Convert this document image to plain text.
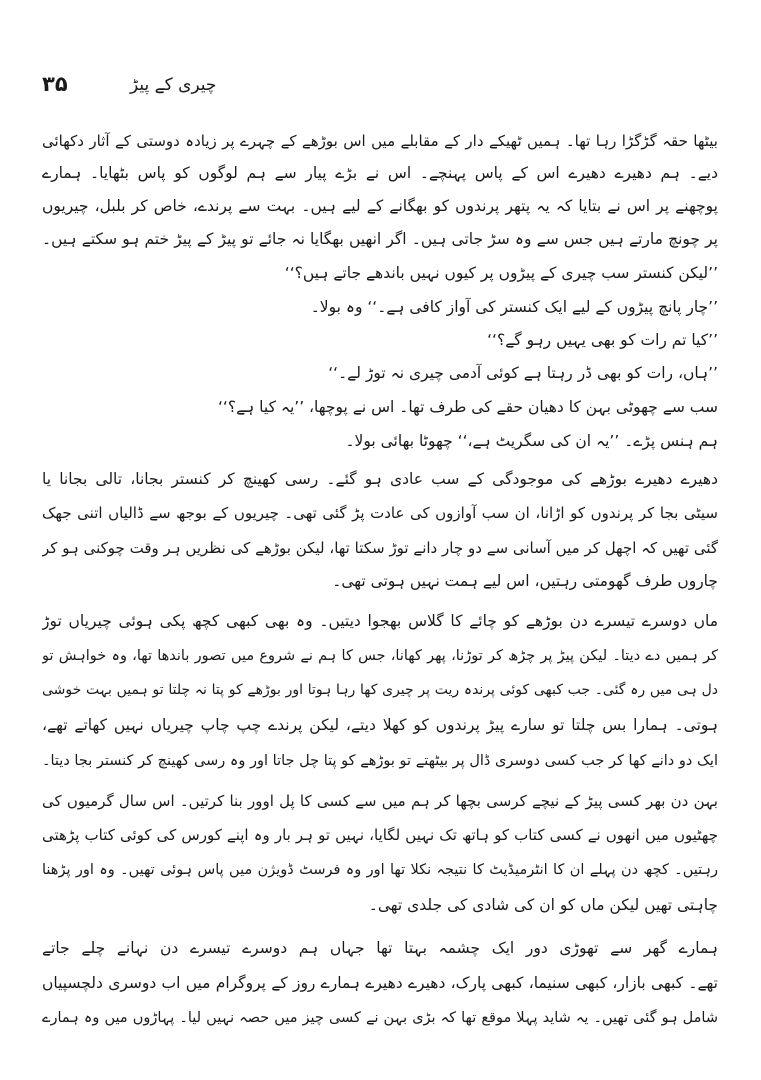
۳۵	چیری کے پیڑ
بیٹھا حقہ گڑگڑا رہا تھا۔ ہمیں ٹھیکے دار کے مقابلے میں اس بوڑھے کے چہرے پر زیادہ دوستی کے آثار دکھائی
دیے۔ ہم دھیرے دھیرے اس کے پاس پہنچے۔ اس نے بڑے پیار سے ہم لوگوں کو پاس بٹھایا۔ ہمارے
پوچھنے پر اس نے بتایا کہ یہ پتھر پرندوں کو بھگانے کے لیے ہیں۔ بہت سے پرندے، خاص کر بلبل، چیریوں
پر چونچ مارتے ہیں جس سے وہ سڑ جاتی ہیں۔ اگر انھیں بھگایا نہ جائے تو پیڑ کے پیڑ ختم ہو سکتے ہیں۔
’’لیکن کنستر سب چیری کے پیڑوں پر کیوں نہیں باندھے جاتے ہیں؟‘‘
’’چار پانچ پیڑوں کے لیے ایک کنستر کی آواز کافی ہے۔‘‘ وہ بولا۔
’’کیا تم رات کو بھی یہیں رہو گے؟‘‘
’’ہاں، رات کو بھی ڈر رہتا ہے کوئی آدمی چیری نہ توڑ لے۔‘‘
سب سے چھوٹی بہن کا دھیان حقے کی طرف تھا۔ اس نے پوچھا، ’’یہ کیا ہے؟‘‘
ہم ہنس پڑے۔ ’’یہ ان کی سگریٹ ہے،‘‘ چھوٹا بھائی بولا۔
دھیرے دھیرے بوڑھے کی موجودگی کے سب عادی ہو گئے۔ رسی کھینچ کر کنستر بجانا، تالی بجانا یا
سیٹی بجا کر پرندوں کو اڑانا، ان سب آوازوں کی عادت پڑ گئی تھی۔ چیریوں کے بوجھ سے ڈالیاں اتنی جھک
گئی تھیں کہ اچھل کر میں آسانی سے دو چار دانے توڑ سکتا تھا، لیکن بوڑھے کی نظریں ہر وقت چوکنی ہو کر
چاروں طرف گھومتی رہتیں، اس لیے ہمت نہیں ہوتی تھی۔
ماں دوسرے تیسرے دن بوڑھے کو چائے کا گلاس بھجوا دیتیں۔ وہ بھی کبھی کچھ پکی ہوئی چیریاں توڑ
کر ہمیں دے دیتا۔ لیکن پیڑ پر چڑھ کر توڑنا، پھر کھانا، جس کا ہم نے شروع میں تصور باندھا تھا، وہ خواہش تو
دل ہی میں رہ گئی۔ جب کبھی کوئی پرندہ ریت پر چیری کھا رہا ہوتا اور بوڑھے کو پتا نہ چلتا تو ہمیں بہت خوشی
ہوتی۔ ہمارا بس چلتا تو سارے پیڑ پرندوں کو کھلا دیتے، لیکن پرندے چپ چاپ چیریاں نہیں کھاتے تھے،
ایک دو دانے کھا کر جب کسی دوسری ڈال پر بیٹھتے تو بوڑھے کو پتا چل جاتا اور وہ رسی کھینچ کر کنستر بجا دیتا۔
بہن دن بھر کسی پیڑ کے نیچے کرسی بچھا کر ہم میں سے کسی کا پل اوور بنا کرتیں۔ اس سال گرمیوں کی
چھٹیوں میں انھوں نے کسی کتاب کو ہاتھ تک نہیں لگایا، نہیں تو ہر بار وہ اپنے کورس کی کوئی کتاب پڑھتی
رہتیں۔ کچھ دن پہلے ان کا انٹرمیڈیٹ کا نتیجہ نکلا تھا اور وہ فرسٹ ڈویژن میں پاس ہوئی تھیں۔ وہ اور پڑھنا
چاہتی تھیں لیکن ماں کو ان کی شادی کی جلدی تھی۔
ہمارے گھر سے تھوڑی دور ایک چشمہ بہتا تھا جہاں ہم دوسرے تیسرے دن نہانے چلے جاتے
تھے۔ کبھی بازار، کبھی سنیما، کبھی پارک، دھیرے دھیرے ہمارے روز کے پروگرام میں اب دوسری دلچسپیاں
شامل ہو گئی تھیں۔ یہ شاید پہلا موقع تھا کہ بڑی بہن نے کسی چیز میں حصہ نہیں لیا۔ پہاڑوں میں وہ ہمارے
